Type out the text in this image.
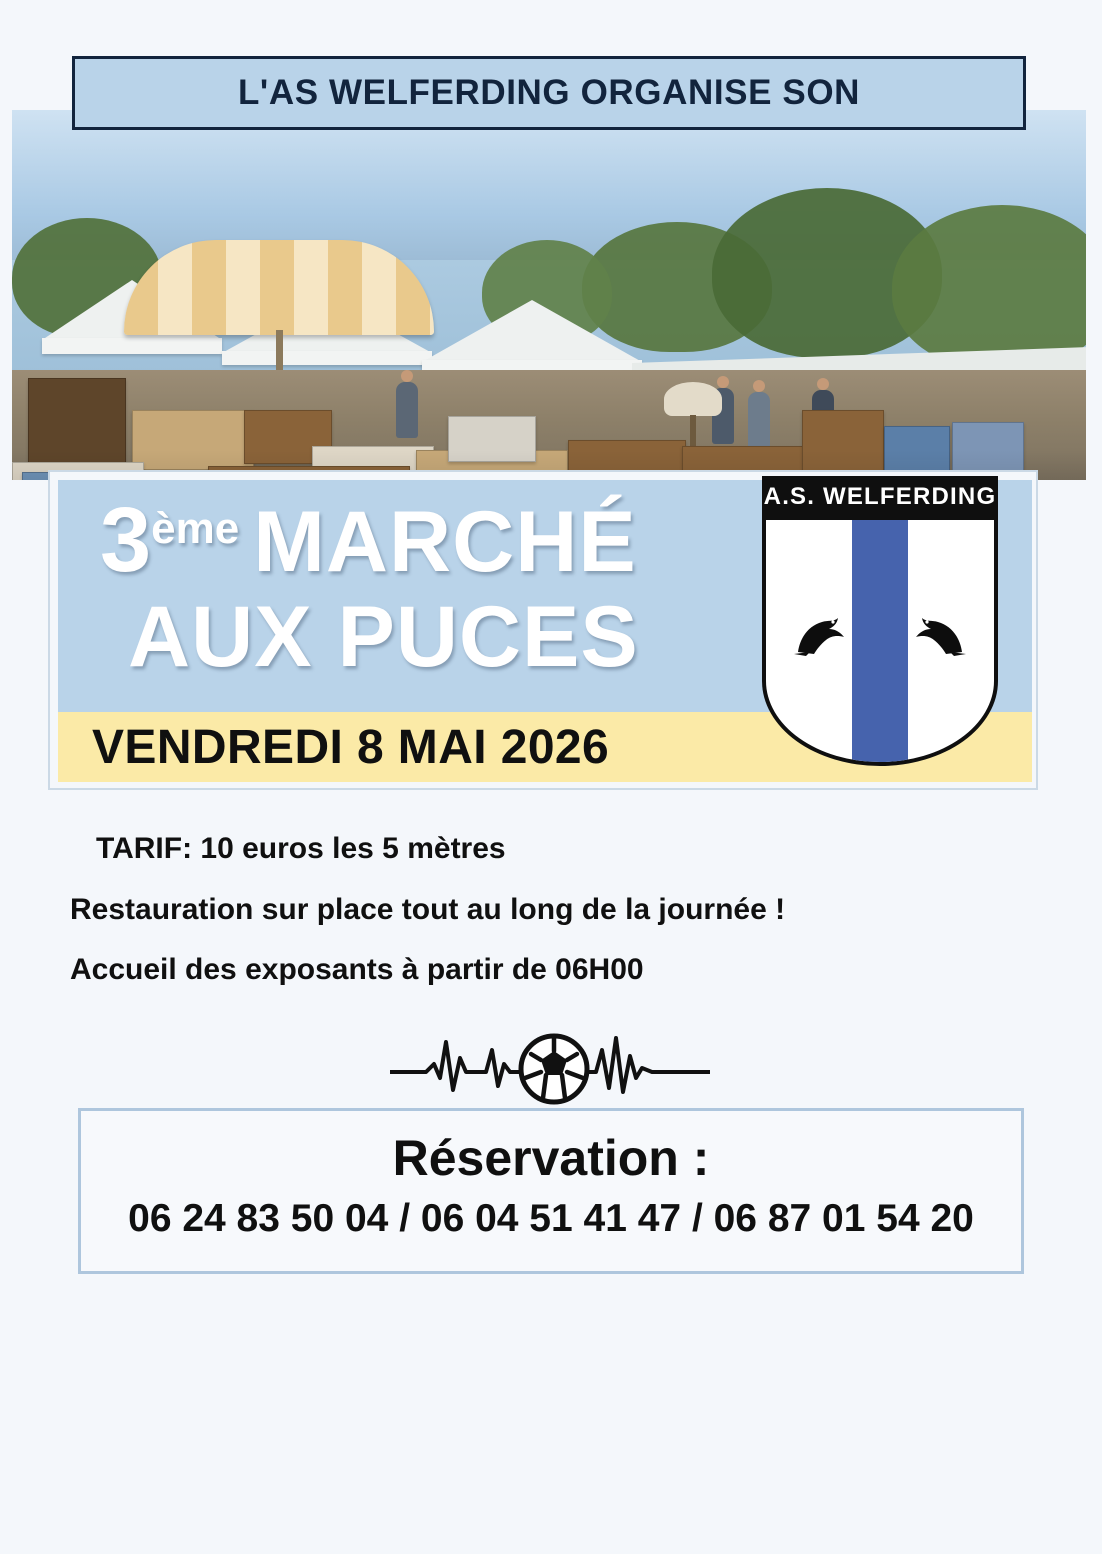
L'AS WELFERDING ORGANISE SON
3ème MARCHÉ
AUX PUCES
VENDREDI 8 MAI 2026
A.S. WELFERDING
TARIF: 10 euros les 5 mètres
Restauration sur place tout au long de la journée !
Accueil des exposants à partir de 06H00
Réservation :
06 24 83 50 04 / 06 04 51 41 47 / 06 87 01 54 20
